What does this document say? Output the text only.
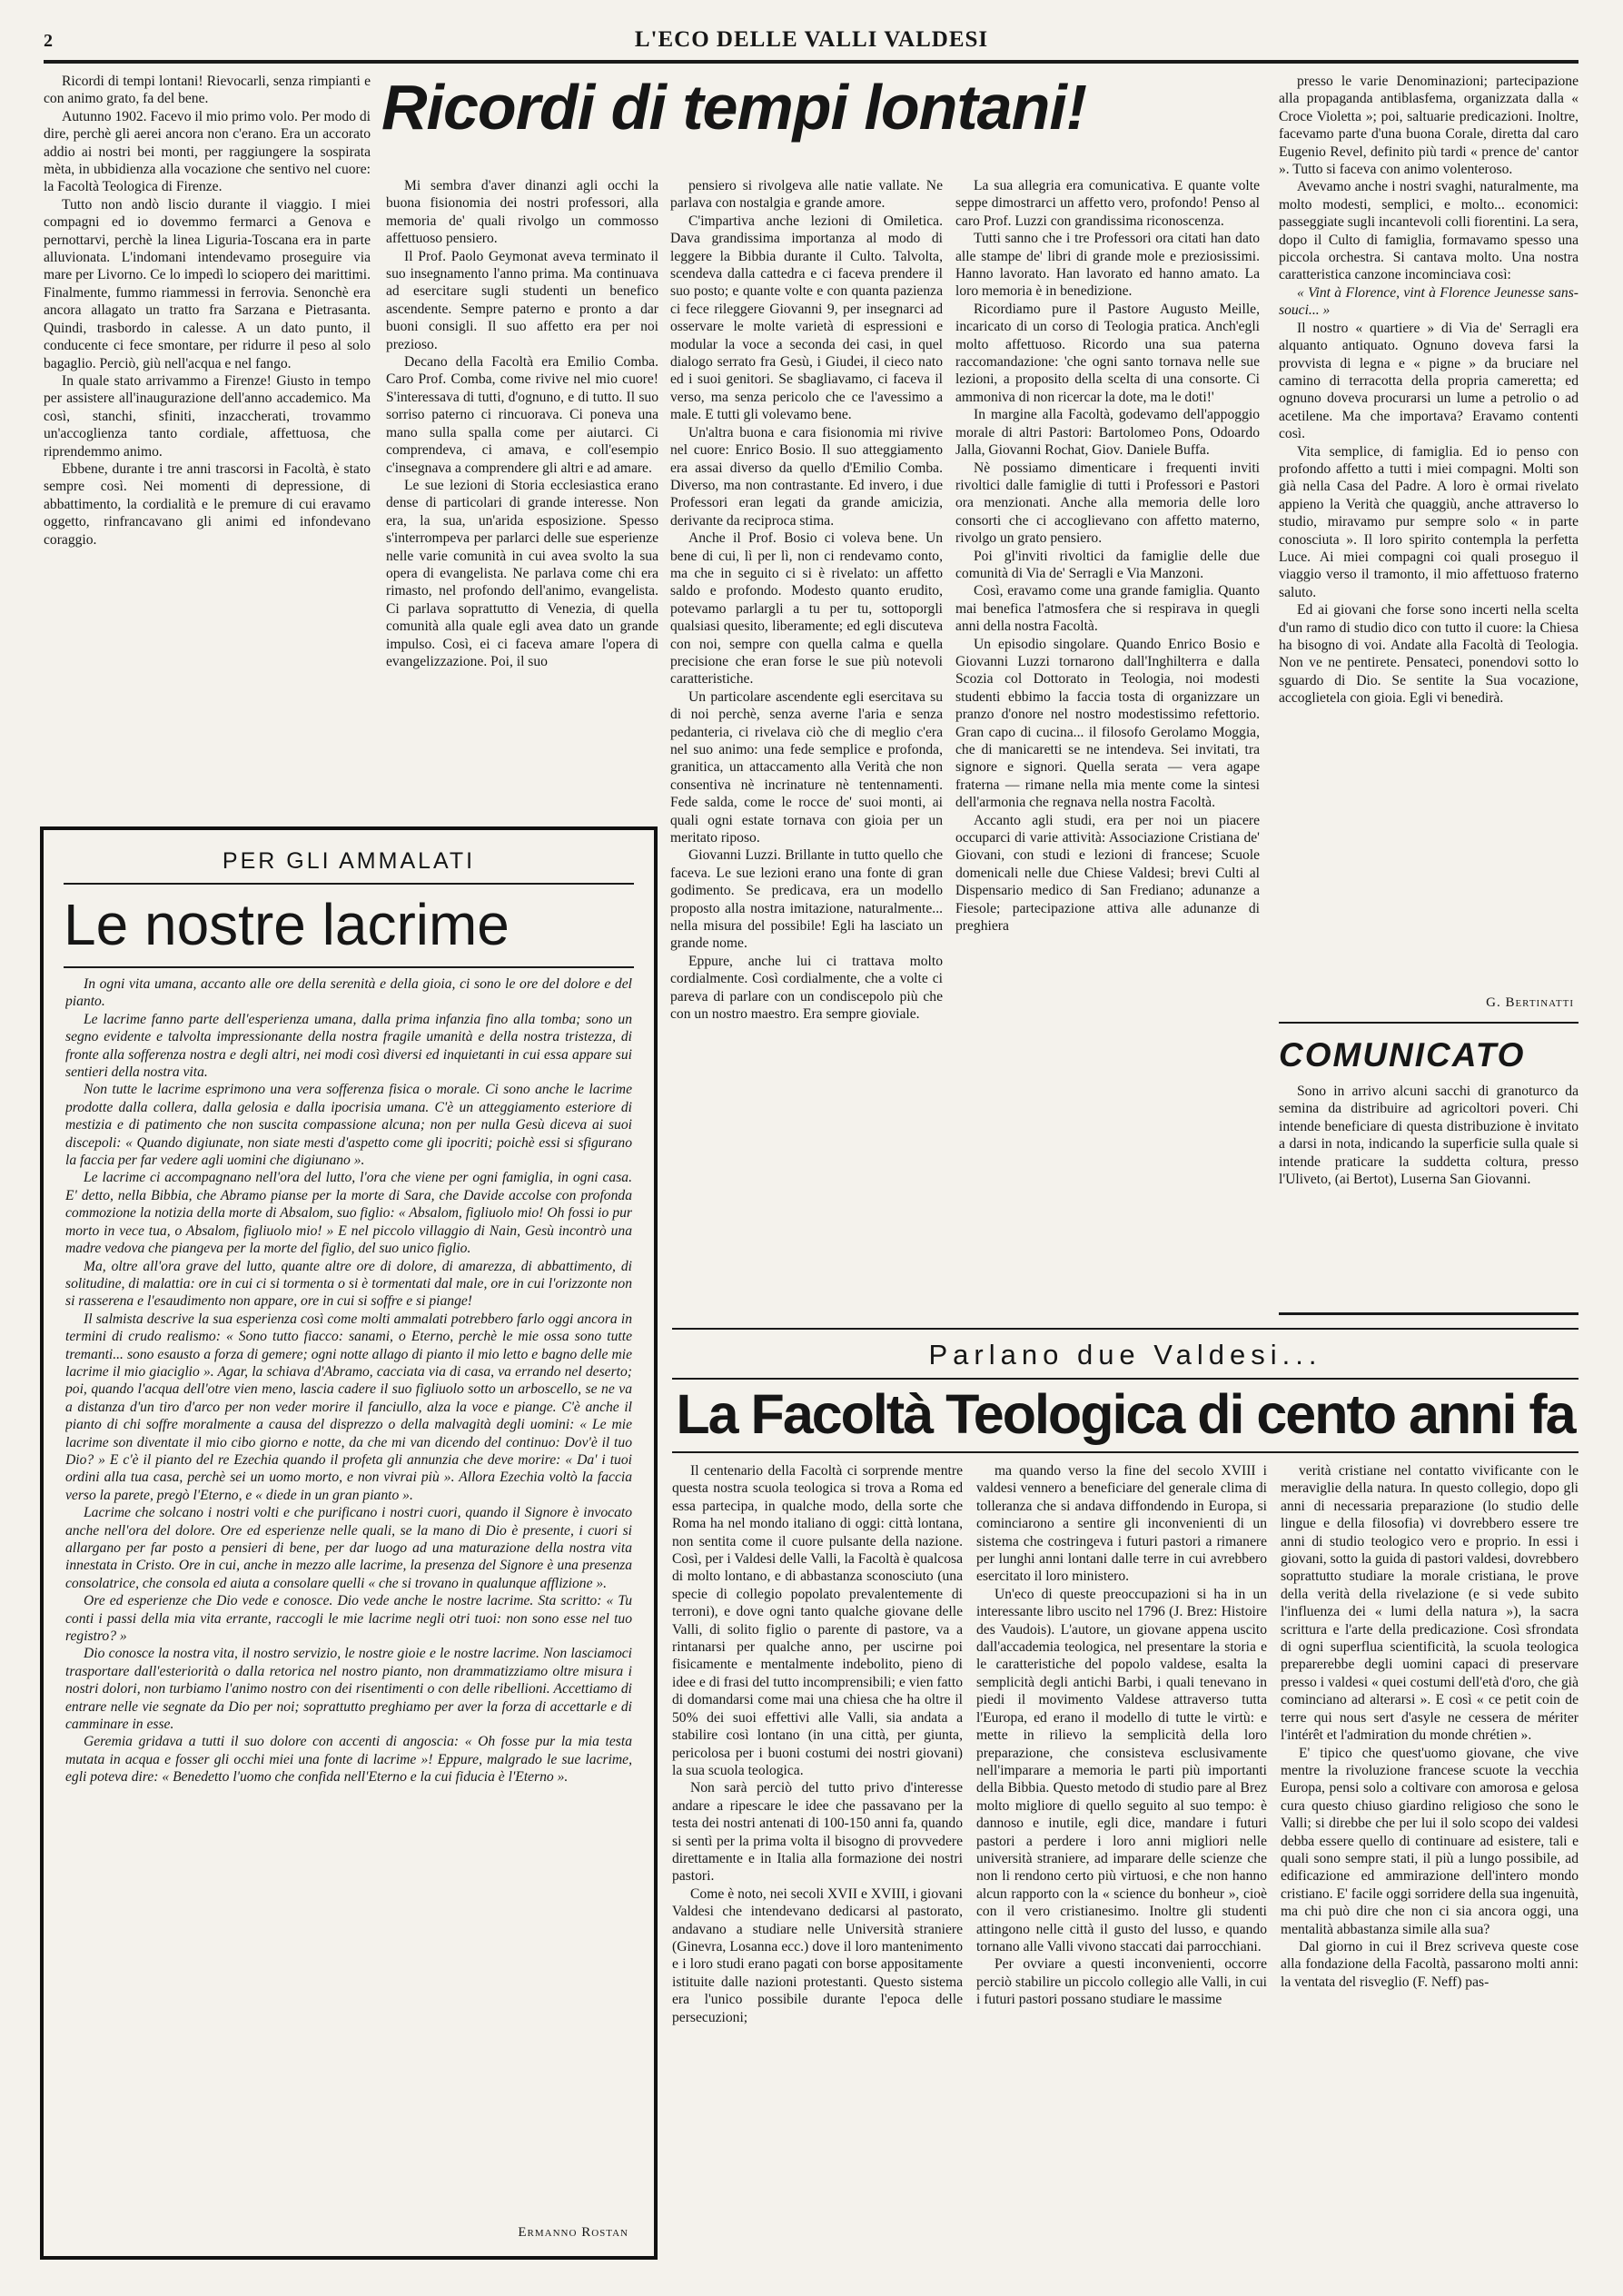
2	L'ECO DELLE VALLI VALDESI
Ricordi di tempi lontani!

Ricordi di tempi lontani! Rievocarli, senza rimpianti e con animo grato, fa del bene.

Autunno 1902. Facevo il mio primo volo. Per modo di dire, perchè gli aerei ancora non c'erano. Era un accorato addio ai nostri bei monti, per raggiungere la sospirata mèta, in ubbidienza alla vocazione che sentivo nel cuore: la Facoltà Teologica di Firenze.

Tutto non andò liscio durante il viaggio. I miei compagni ed io dovemmo fermarci a Genova e pernottarvi, perchè la linea Liguria-Toscana era in parte alluvionata. L'indomani intendevamo proseguire via mare per Livorno. Ce lo impedì lo sciopero dei marittimi. Finalmente, fummo riammessi in ferrovia. Senonchè era ancora allagato un tratto fra Sarzana e Pietrasanta. Quindi, trasbordo in calesse. A un dato punto, il conducente ci fece smontare, per ridurre il peso al solo bagaglio. Perciò, giù nell'acqua e nel fango.

In quale stato arrivammo a Firenze! Giusto in tempo per assistere all'inaugurazione dell'anno accademico. Ma così, stanchi, sfiniti, inzaccherati, trovammo un'accoglienza tanto cordiale, affettuosa, che riprendemmo animo.

Ebbene, durante i tre anni trascorsi in Facoltà, è stato sempre così. Nei momenti di depressione, di abbattimento, la cordialità e le premure di cui eravamo oggetto, rinfrancavano gli animi ed infondevano coraggio.

Mi sembra d'aver dinanzi agli occhi la buona fisionomia dei nostri professori, alla memoria de' quali rivolgo un commosso affettuoso pensiero.

Il Prof. Paolo Geymonat aveva terminato il suo insegnamento l'anno prima. Ma continuava ad esercitare sugli studenti un benefico ascendente. Sempre paterno e pronto a dar buoni consigli. Il suo affetto era per noi prezioso.

Decano della Facoltà era Emilio Comba. Caro Prof. Comba, come rivive nel mio cuore! S'interessava di tutti, d'ognuno, e di tutto. Il suo sorriso paterno ci rincuorava. Ci poneva una mano sulla spalla come per aiutarci. Ci comprendeva, ci amava, e coll'esempio c'insegnava a comprendere gli altri e ad amare.

Le sue lezioni di Storia ecclesiastica erano dense di particolari di grande interesse. Non era, la sua, un'arida esposizione. Spesso s'interrompeva per parlarci delle sue esperienze nelle varie comunità in cui avea svolto la sua opera di evangelista. Ne parlava come chi era rimasto, nel profondo dell'animo, evangelista. Ci parlava soprattutto di Venezia, di quella comunità alla quale egli avea dato un grande impulso. Così, ei ci faceva amare l'opera di evangelizzazione. Poi, il suo

pensiero si rivolgeva alle natie vallate. Ne parlava con nostalgia e grande amore.

C'impartiva anche lezioni di Omiletica. Dava grandissima importanza al modo di leggere la Bibbia durante il Culto. Talvolta, scendeva dalla cattedra e ci faceva prendere il suo posto; e quante volte e con quanta pazienza ci fece rileggere Giovanni 9, per insegnarci ad osservare le molte varietà di espressioni e modular la voce a seconda dei casi, in quel dialogo serrato fra Gesù, i Giudei, il cieco nato ed i suoi genitori. Se sbagliavamo, ci faceva il verso, ma senza pericolo che ce l'avessimo a male. E tutti gli volevamo bene.

Un'altra buona e cara fisionomia mi rivive nel cuore: Enrico Bosio. Il suo atteggiamento era assai diverso da quello d'Emilio Comba. Diverso, ma non contrastante. Ed invero, i due Professori eran legati da grande amicizia, derivante da reciproca stima.

Anche il Prof. Bosio ci voleva bene. Un bene di cui, lì per lì, non ci rendevamo conto, ma che in seguito ci si è rivelato: un affetto saldo e profondo. Modesto quanto erudito, potevamo parlargli a tu per tu, sottoporgli qualsiasi quesito, liberamente; ed egli discuteva con noi, sempre con quella calma e quella precisione che eran forse le sue più notevoli caratteristiche.

Un particolare ascendente egli esercitava su di noi perchè, senza averne l'aria e senza pedanteria, ci rivelava ciò che di meglio c'era nel suo animo: una fede semplice e profonda, granitica, un attaccamento alla Verità che non consentiva nè incrinature nè tentennamenti. Fede salda, come le rocce de' suoi monti, ai quali ogni estate tornava con gioia per un meritato riposo.

Giovanni Luzzi. Brillante in tutto quello che faceva. Le sue lezioni erano una fonte di gran godimento. Se predicava, era un modello proposto alla nostra imitazione, naturalmente... nella misura del possibile! Egli ha lasciato un grande nome.

Eppure, anche lui ci trattava molto cordialmente. Così cordialmente, che a volte ci pareva di parlare con un condiscepolo più che con un nostro maestro. Era sempre gioviale.

La sua allegria era comunicativa. E quante volte seppe dimostrarci un affetto vero, profondo! Penso al caro Prof. Luzzi con grandissima riconoscenza.

Tutti sanno che i tre Professori ora citati han dato alle stampe de' libri di grande mole e preziosissimi. Hanno lavorato. Han lavorato ed hanno amato. La loro memoria è in benedizione.

Ricordiamo pure il Pastore Augusto Meille, incaricato di un corso di Teologia pratica. Anch'egli molto affettuoso. Ricordo una sua paterna raccomandazione: 'che ogni santo tornava nelle sue lezioni, a proposito della scelta di una consorte. Ci ammoniva di non ricercar la dote, ma le doti!'

In margine alla Facoltà, godevamo dell'appoggio morale di altri Pastori: Bartolomeo Pons, Odoardo Jalla, Giovanni Rochat, Giov. Daniele Buffa.

Nè possiamo dimenticare i frequenti inviti rivoltici dalle famiglie di tutti i Professori e Pastori ora menzionati. Anche alla memoria delle loro consorti che ci accoglievano con affetto materno, rivolgo un grato pensiero.

Poi gl'inviti rivoltici da famiglie delle due comunità di Via de' Serragli e Via Manzoni.

Così, eravamo come una grande famiglia. Quanto mai benefica l'atmosfera che si respirava in quegli anni della nostra Facoltà.

Un episodio singolare. Quando Enrico Bosio e Giovanni Luzzi tornarono dall'Inghilterra e dalla Scozia col Dottorato in Teologia, noi modesti studenti ebbimo la faccia tosta di organizzare un pranzo d'onore nel nostro modestissimo refettorio. Gran capo di cucina... il filosofo Gerolamo Moggia, che di manicaretti se ne intendeva. Sei invitati, tra signore e signori. Quella serata — vera agape fraterna — rimane nella mia mente come la sintesi dell'armonia che regnava nella nostra Facoltà.

Accanto agli studi, era per noi un piacere occuparci di varie attività: Associazione Cristiana de' Giovani, con studi e lezioni di francese; Scuole domenicali nelle due Chiese Valdesi; brevi Culti al Dispensario medico di San Frediano; adunanze a Fiesole; partecipazione attiva alle adunanze di preghiera

presso le varie Denominazioni; partecipazione alla propaganda antiblasfema, organizzata dalla « Croce Violetta »; poi, saltuarie predicazioni. Inoltre, facevamo parte d'una buona Corale, diretta dal caro Eugenio Revel, definito più tardi « prence de' cantor ». Tutto si faceva con animo volenteroso.

Avevamo anche i nostri svaghi, naturalmente, ma molto modesti, semplici, e molto... economici: passeggiate sugli incantevoli colli fiorentini. La sera, dopo il Culto di famiglia, formavamo spesso una piccola orchestra. Si cantava molto. Una nostra caratteristica canzone incominciava così:

« Vint à Florence, vint à Florence Jeunesse sans-souci... »

Il nostro « quartiere » di Via de' Serragli era alquanto antiquato. Ognuno doveva farsi la provvista di legna e « pigne » da bruciare nel camino di terracotta della propria cameretta; ed ognuno doveva procurarsi un lume a petrolio o ad acetilene. Ma che importava? Eravamo contenti così.

Vita semplice, di famiglia. Ed io penso con profondo affetto a tutti i miei compagni. Molti son già nella Casa del Padre. A loro è ormai rivelato appieno la Verità che quaggiù, anche attraverso lo studio, miravamo pur sempre solo « in parte conosciuta ». Il loro spirito contempla la perfetta Luce. Ai miei compagni coi quali proseguo il viaggio verso il tramonto, il mio affettuoso fraterno saluto.

Ed ai giovani che forse sono incerti nella scelta d'un ramo di studio dico con tutto il cuore: la Chiesa ha bisogno di voi. Andate alla Facoltà di Teologia. Non ve ne pentirete. Pensateci, ponendovi sotto lo sguardo di Dio. Se sentite la Sua vocazione, accoglietela con gioia. Egli vi benedirà.

G. Bertinatti
COMUNICATO

Sono in arrivo alcuni sacchi di granoturco da semina da distribuire ad agricoltori poveri. Chi intende beneficiare di questa distribuzione è invitato a darsi in nota, indicando la superficie sulla quale si intende praticare la suddetta coltura, presso l'Uliveto, (ai Bertot), Luserna San Giovanni.

PER GLI AMMALATI
Le nostre lacrime

In ogni vita umana, accanto alle ore della serenità e della gioia, ci sono le ore del dolore e del pianto.

Le lacrime fanno parte dell'esperienza umana, dalla prima infanzia fino alla tomba; sono un segno evidente e talvolta impressionante della nostra fragile umanità e della nostra tristezza, di fronte alla sofferenza nostra e degli altri, nei modi così diversi ed inquietanti in cui essa appare sui sentieri della nostra vita.

Non tutte le lacrime esprimono una vera sofferenza fisica o morale. Ci sono anche le lacrime prodotte dalla collera, dalla gelosia e dalla ipocrisia umana. C'è un atteggiamento esteriore di mestizia e di patimento che non suscita compassione alcuna; non per nulla Gesù diceva ai suoi discepoli: « Quando digiunate, non siate mesti d'aspetto come gli ipocriti; poichè essi si sfigurano la faccia per far vedere agli uomini che digiunano ».

Le lacrime ci accompagnano nell'ora del lutto, l'ora che viene per ogni famiglia, in ogni casa. E' detto, nella Bibbia, che Abramo pianse per la morte di Sara, che Davide accolse con profonda commozione la notizia della morte di Absalom, suo figlio: « Absalom, figliuolo mio! Oh fossi io pur morto in vece tua, o Absalom, figliuolo mio! » E nel piccolo villaggio di Nain, Gesù incontrò una madre vedova che piangeva per la morte del figlio, del suo unico figlio.

Ma, oltre all'ora grave del lutto, quante altre ore di dolore, di amarezza, di abbattimento, di solitudine, di malattia: ore in cui ci si tormenta o si è tormentati dal male, ore in cui l'orizzonte non si rasserena e l'esaudimento non appare, ore in cui si soffre e si piange!

Il salmista descrive la sua esperienza così come molti ammalati potrebbero farlo oggi ancora in termini di crudo realismo: « Sono tutto fiacco: sanami, o Eterno, perchè le mie ossa sono tutte tremanti... sono esausto a forza di gemere; ogni notte allago di pianto il mio letto e bagno delle mie lacrime il mio giaciglio ». Agar, la schiava d'Abramo, cacciata via di casa, va errando nel deserto; poi, quando l'acqua dell'otre vien meno, lascia cadere il suo figliuolo sotto un arboscello, se ne va a distanza d'un tiro d'arco per non veder morire il fanciullo, alza la voce e piange. C'è anche il pianto di chi soffre moralmente a causa del disprezzo o della malvagità degli uomini: « Le mie lacrime son diventate il mio cibo giorno e notte, da che mi van dicendo del continuo: Dov'è il tuo Dio? » E c'è il pianto del re Ezechia quando il profeta gli annunzia che deve morire: « Da' i tuoi ordini alla tua casa, perchè sei un uomo morto, e non vivrai più ». Allora Ezechia voltò la faccia verso la parete, pregò l'Eterno, e « diede in un gran pianto ».

Lacrime che solcano i nostri volti e che purificano i nostri cuori, quando il Signore è invocato anche nell'ora del dolore. Ore ed esperienze nelle quali, se la mano di Dio è presente, i cuori si allargano per far posto a pensieri di bene, per dar luogo ad una maturazione della nostra vita innestata in Cristo. Ore in cui, anche in mezzo alle lacrime, la presenza del Signore è una presenza consolatrice, che consola ed aiuta a consolare quelli « che si trovano in qualunque afflizione ».

Ore ed esperienze che Dio vede e conosce. Dio vede anche le nostre lacrime. Sta scritto: « Tu conti i passi della mia vita errante, raccogli le mie lacrime negli otri tuoi: non sono esse nel tuo registro? »

Dio conosce la nostra vita, il nostro servizio, le nostre gioie e le nostre lacrime. Non lasciamoci trasportare dall'esteriorità o dalla retorica nel nostro pianto, non drammatizziamo oltre misura i nostri dolori, non turbiamo l'animo nostro con dei risentimenti o con delle ribellioni. Accettiamo di entrare nelle vie segnate da Dio per noi; soprattutto preghiamo per aver la forza di accettarle e di camminare in esse.

Geremia gridava a tutti il suo dolore con accenti di angoscia: « Oh fosse pur la mia testa mutata in acqua e fosser gli occhi miei una fonte di lacrime »! Eppure, malgrado le sue lacrime, egli poteva dire: « Benedetto l'uomo che confida nell'Eterno e la cui fiducia è l'Eterno ».

Ermanno Rostan
Parlano due Valdesi...
La Facoltà Teologica di cento anni fa

Il centenario della Facoltà ci sorprende mentre questa nostra scuola teologica si trova a Roma ed essa partecipa, in qualche modo, della sorte che Roma ha nel mondo italiano di oggi: città lontana, non sentita come il cuore pulsante della nazione. Così, per i Valdesi delle Valli, la Facoltà è qualcosa di molto lontano, e di abbastanza sconosciuto (una specie di collegio popolato prevalentemente di terroni), e dove ogni tanto qualche giovane delle Valli, di solito figlio o parente di pastore, va a rintanarsi per qualche anno, per uscirne poi fisicamente e mentalmente indebolito, pieno di idee e di frasi del tutto incomprensibili; e vien fatto di domandarsi come mai una chiesa che ha oltre il 50% dei suoi effettivi alle Valli, sia andata a stabilire così lontano (in una città, per giunta, pericolosa per i buoni costumi dei nostri giovani) la sua scuola teologica.

Non sarà perciò del tutto privo d'interesse andare a ripescare le idee che passavano per la testa dei nostri antenati di 100-150 anni fa, quando si sentì per la prima volta il bisogno di provvedere direttamente e in Italia alla formazione dei nostri pastori.

Come è noto, nei secoli XVII e XVIII, i giovani Valdesi che intendevano dedicarsi al pastorato, andavano a studiare nelle Università straniere (Ginevra, Losanna ecc.) dove il loro mantenimento e i loro studi erano pagati con borse appositamente istituite dalle nazioni protestanti. Questo sistema era l'unico possibile durante l'epoca delle persecuzioni;

ma quando verso la fine del secolo XVIII i valdesi vennero a beneficiare del generale clima di tolleranza che si andava diffondendo in Europa, si cominciarono a sentire gli inconvenienti di un sistema che costringeva i futuri pastori a rimanere per lunghi anni lontani dalle terre in cui avrebbero esercitato il loro ministero.

Un'eco di queste preoccupazioni si ha in un interessante libro uscito nel 1796 (J. Brez: Histoire des Vaudois). L'autore, un giovane appena uscito dall'accademia teologica, nel presentare la storia e le caratteristiche del popolo valdese, esalta la semplicità degli antichi Barbi, i quali tenevano in piedi il movimento Valdese attraverso tutta l'Europa, ed erano il modello di tutte le virtù: e mette in rilievo la semplicità della loro preparazione, che consisteva esclusivamente nell'imparare a memoria le parti più importanti della Bibbia. Questo metodo di studio pare al Brez molto migliore di quello seguito al suo tempo: è dannoso e inutile, egli dice, mandare i futuri pastori a perdere i loro anni migliori nelle università straniere, ad imparare delle scienze che non li rendono certo più virtuosi, e che non hanno alcun rapporto con la « science du bonheur », cioè con il vero cristianesimo. Inoltre gli studenti attingono nelle città il gusto del lusso, e quando tornano alle Valli vivono staccati dai parrocchiani.

Per ovviare a questi inconvenienti, occorre perciò stabilire un piccolo collegio alle Valli, in cui i futuri pastori possano studiare le massime

verità cristiane nel contatto vivificante con le meraviglie della natura. In questo collegio, dopo gli anni di necessaria preparazione (lo studio delle lingue e della filosofia) vi dovrebbero essere tre anni di studio teologico vero e proprio. In essi i giovani, sotto la guida di pastori valdesi, dovrebbero soprattutto studiare la morale cristiana, le prove della verità della rivelazione (e si vede subito l'influenza dei « lumi della natura »), la sacra scrittura e l'arte della predicazione. Così sfrondata di ogni superflua scientificità, la scuola teologica preparerebbe degli uomini capaci di preservare presso i valdesi « quei costumi dell'età d'oro, che già cominciano ad alterarsi ». E così « ce petit coin de terre qui nous sert d'asyle ne cessera de mériter l'intérêt et l'admiration du monde chrétien ».

E' tipico che quest'uomo giovane, che vive mentre la rivoluzione francese scuote la vecchia Europa, pensi solo a coltivare con amorosa e gelosa cura questo chiuso giardino religioso che sono le Valli; si direbbe che per lui il solo scopo dei valdesi debba essere quello di continuare ad esistere, tali e quali sono sempre stati, il più a lungo possibile, ad edificazione ed ammirazione dell'intero mondo cristiano. E' facile oggi sorridere della sua ingenuità, ma chi può dire che non ci sia ancora oggi, una mentalità abbastanza simile alla sua?

Dal giorno in cui il Brez scriveva queste cose alla fondazione della Facoltà, passarono molti anni: la ventata del risveglio (F. Neff) pas-
